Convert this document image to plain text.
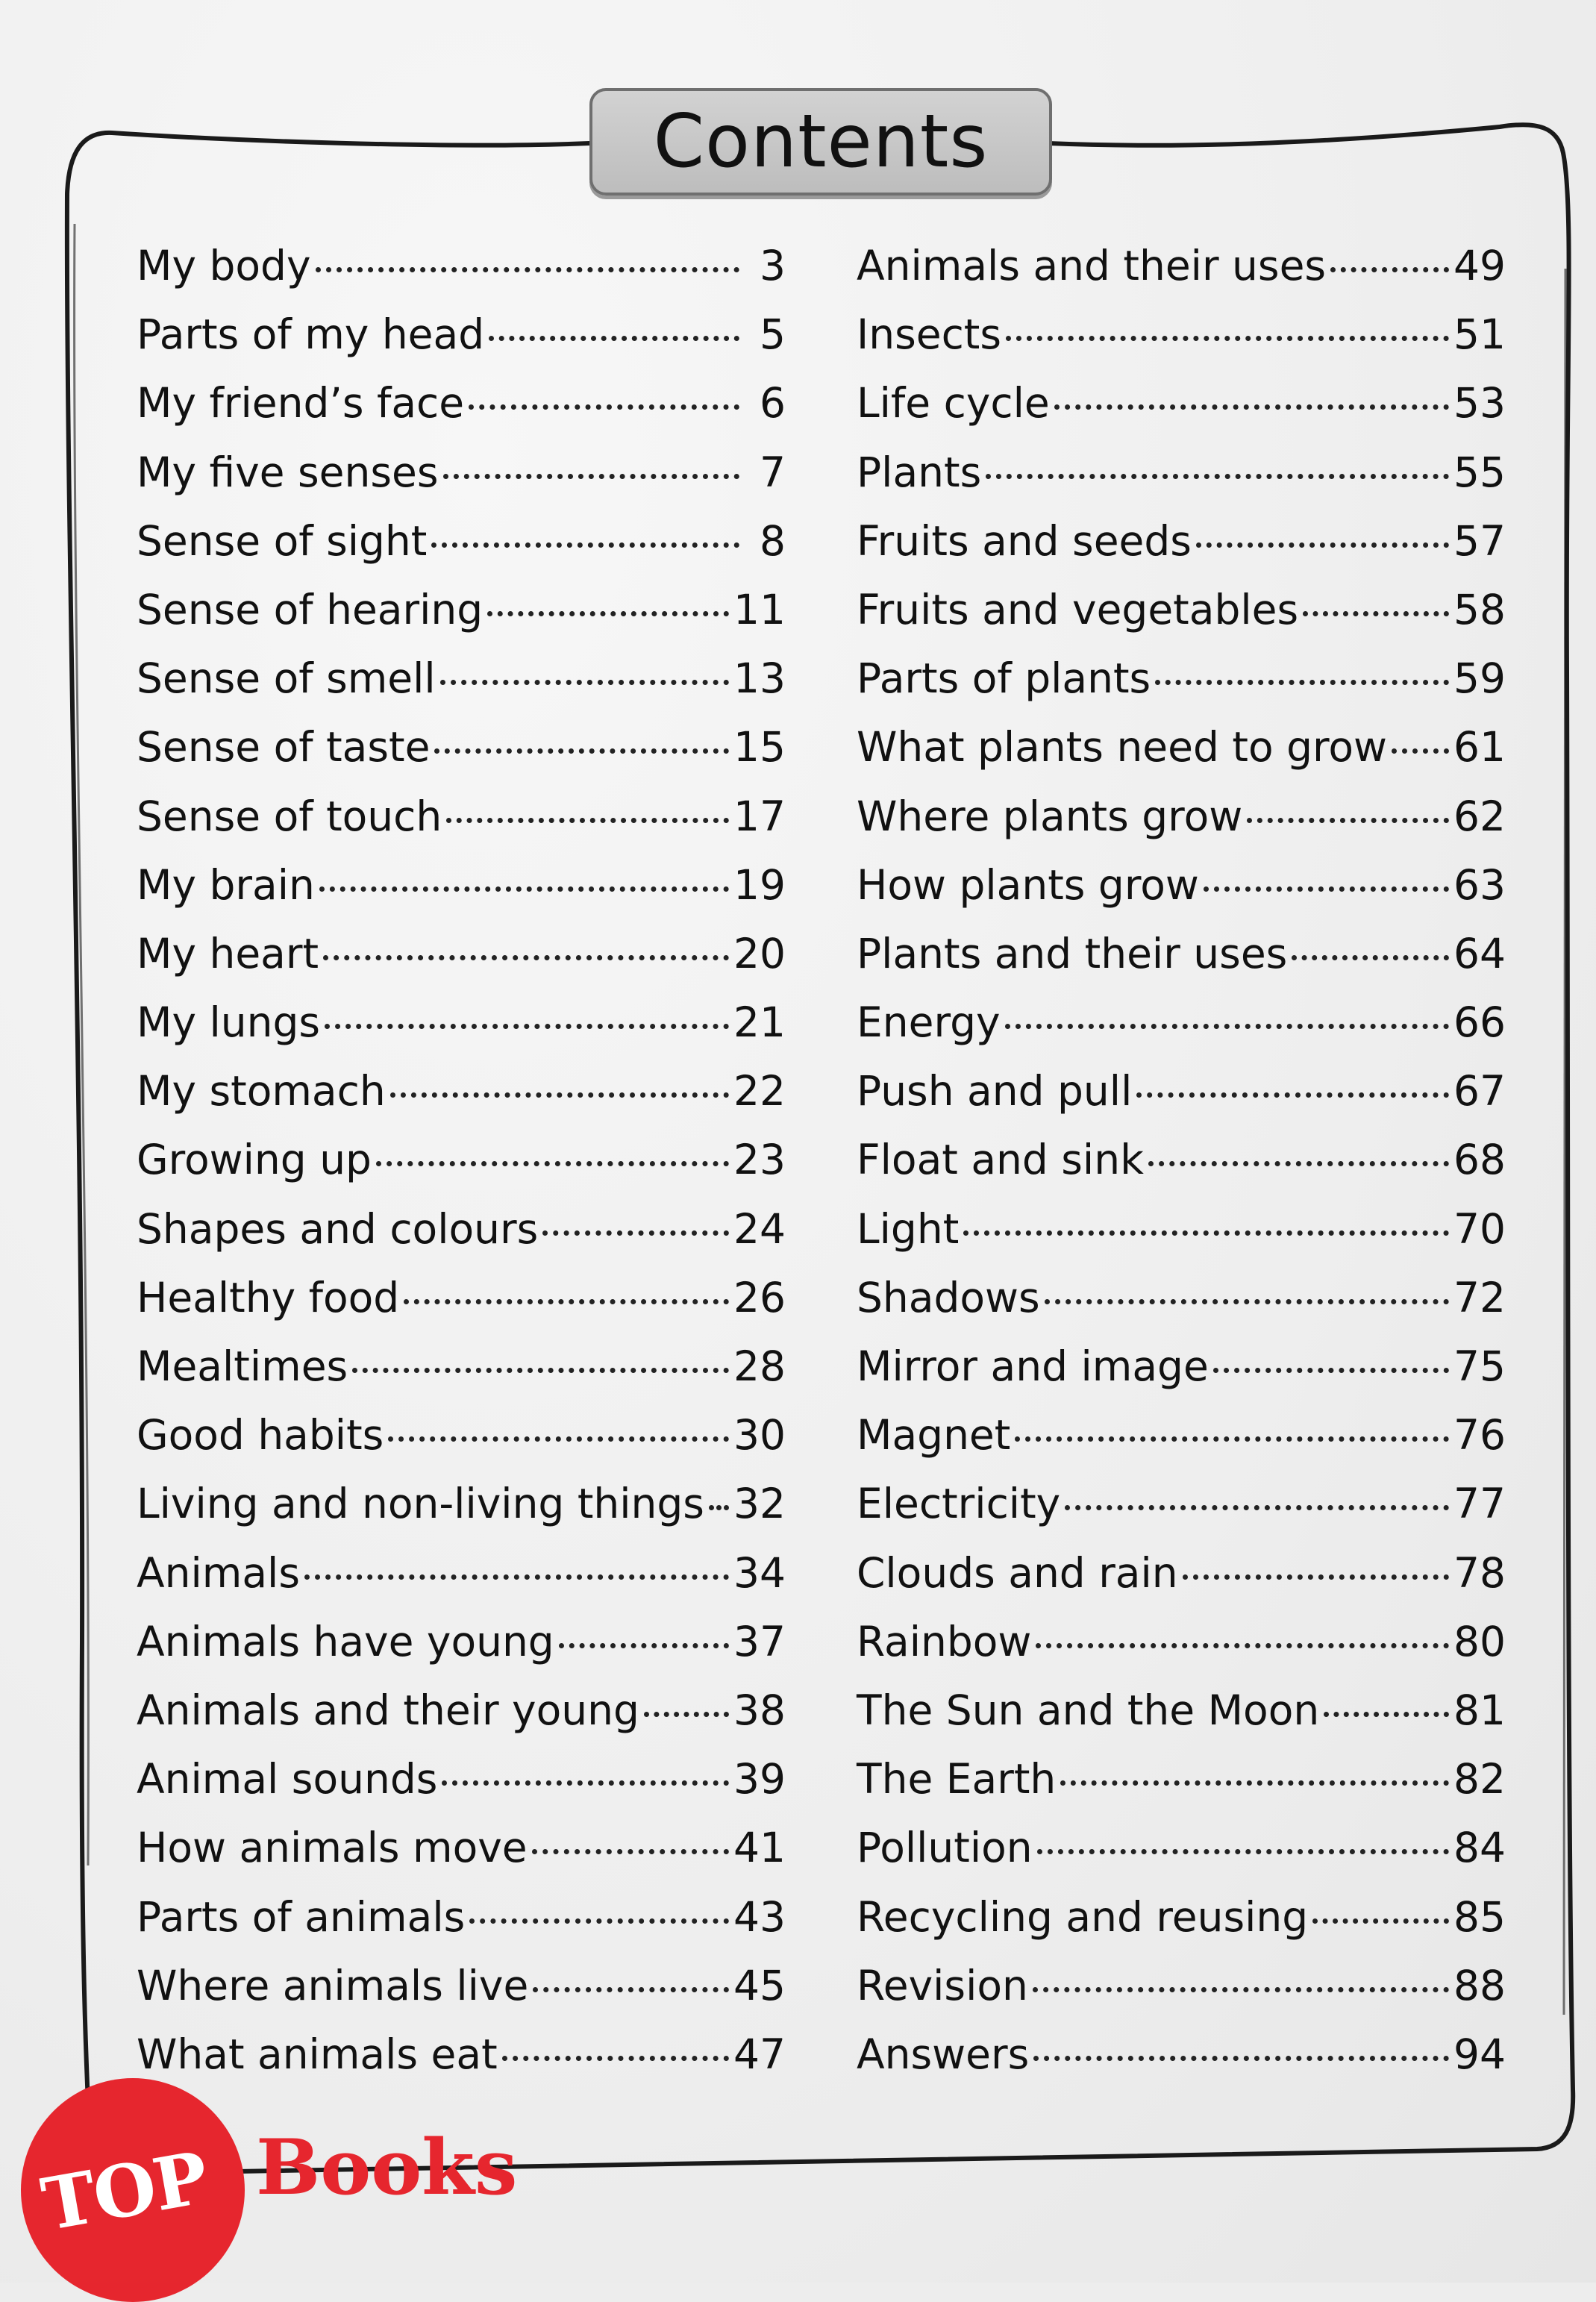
Contents
My body	3
Parts of my head	5
My friend’s face	6
My five senses	7
Sense of sight	8
Sense of hearing	11
Sense of smell	13
Sense of taste	15
Sense of touch	17
My brain	19
My heart	20
My lungs	21
My stomach	22
Growing up	23
Shapes and colours	24
Healthy food	26
Mealtimes	28
Good habits	30
Living and non-living things 32
Animals	34
Animals have young	37
Animals and their young 38
Animal sounds	39
How animals move	41
Parts of animals	43
Where animals live	45
What animals eat	47
Animals and their uses	49
Insects	51
Life cycle	53
Plants	55
Fruits and seeds	57
Fruits and vegetables	58
Parts of plants	59
What plants need to grow 61
Where plants grow	62
How plants grow	63
Plants and their uses	64
Energy	66
Push and pull	67
Float and sink	68
Light	70
Shadows	72
Mirror and image	75
Magnet	76
Electricity	77
Clouds and rain	78
Rainbow	80
The Sun and the Moon	81
The Earth	82
Pollution	84
Recycling and reusing	85
Revision	88
Answers	94
TOP Books
